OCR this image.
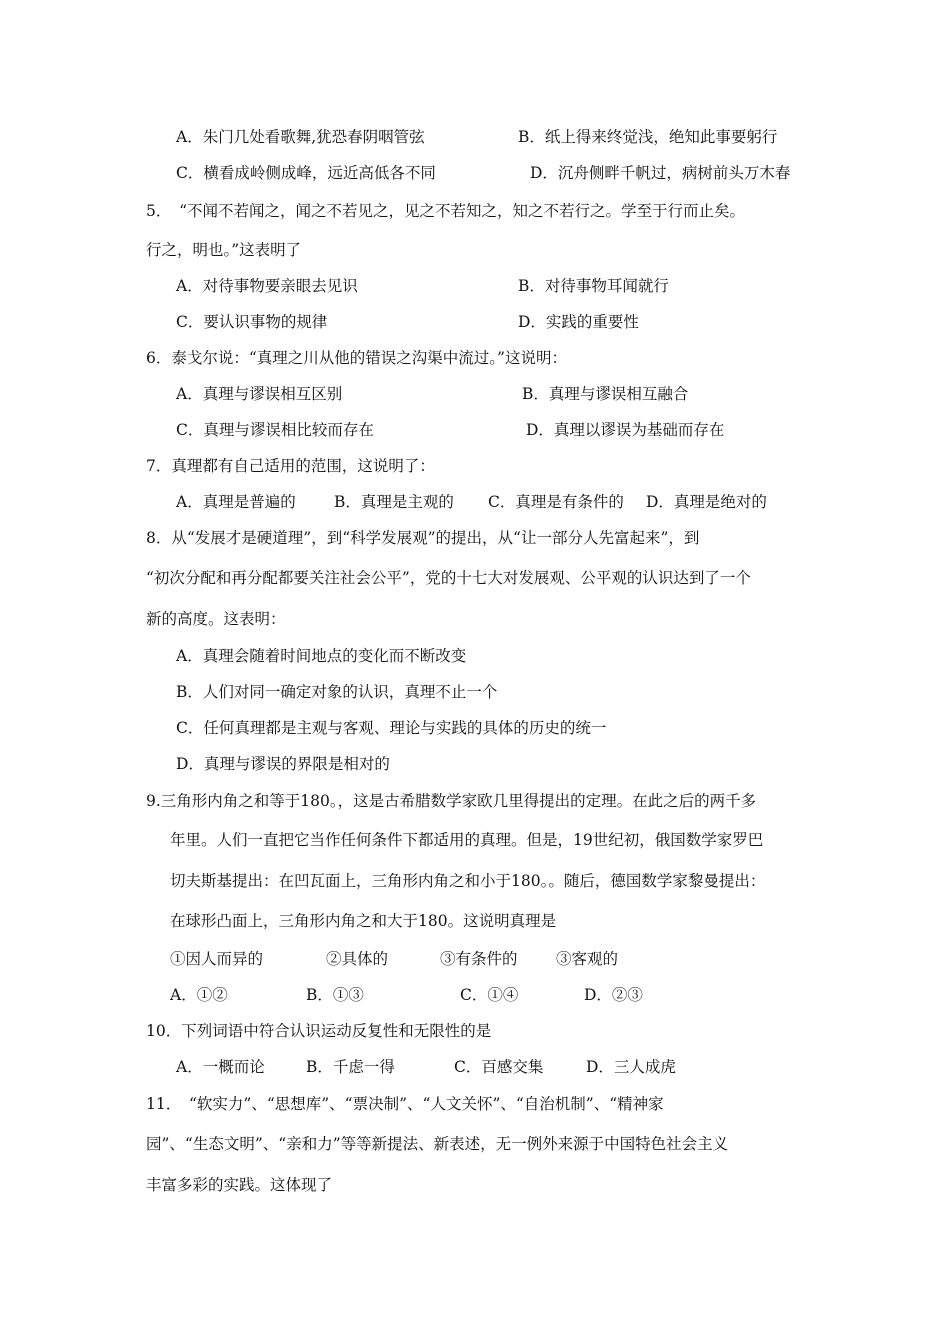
A．朱门几处看歌舞,犹恐春阴咽管弦	B．纸上得来终觉浅，绝知此事要躬行
C．横看成岭侧成峰，远近高低各不同	D．沉舟侧畔千帆过，病树前头万木春
5．　“不闻不若闻之，闻之不若见之，见之不若知之，知之不若行之。学至于行而止矣。
行之，明也。”这表明了
A．对待事物要亲眼去见识	B．对待事物耳闻就行
C．要认识事物的规律	D．实践的重要性
6．泰戈尔说：“真理之川从他的错误之沟渠中流过。”这说明：
A．真理与谬误相互区别	B．真理与谬误相互融合
C．真理与谬误相比较而存在	D．真理以谬误为基础而存在
7．真理都有自己适用的范围，这说明了：
A．真理是普遍的 B．真理是主观的 C．真理是有条件的 D．真理是绝对的
8．从“发展才是硬道理”，到“科学发展观”的提出，从“让一部分人先富起来”，到
“初次分配和再分配都要关注社会公平”，党的十七大对发展观、公平观的认识达到了一个
新的高度。这表明：
A．真理会随着时间地点的变化而不断改变
B．人们对同一确定对象的认识，真理不止一个
C．任何真理都是主观与客观、理论与实践的具体的历史的统一
D．真理与谬误的界限是相对的
9.三角形内角之和等于180。，这是古希腊数学家欧几里得提出的定理。在此之后的两千多
年里。人们一直把它当作任何条件下都适用的真理。但是，19世纪初，俄国数学家罗巴
切夫斯基提出：在凹瓦面上，三角形内角之和小于180。。随后，德国数学家黎曼提出：
在球形凸面上，三角形内角之和大于180。这说明真理是
①因人而异的	②具体的	③有条件的 ③客观的
A．①②	B．①③	C．①④	D．②③
10．下列词语中符合认识运动反复性和无限性的是
A．一概而论	B．千虑一得	C．百感交集	D．三人成虎
11．　“软实力”、“思想库”、“票决制”、“人文关怀”、“自治机制”、“精神家
园”、“生态文明”、“亲和力”等等新提法、新表述，无一例外来源于中国特色社会主义
丰富多彩的实践。这体现了
